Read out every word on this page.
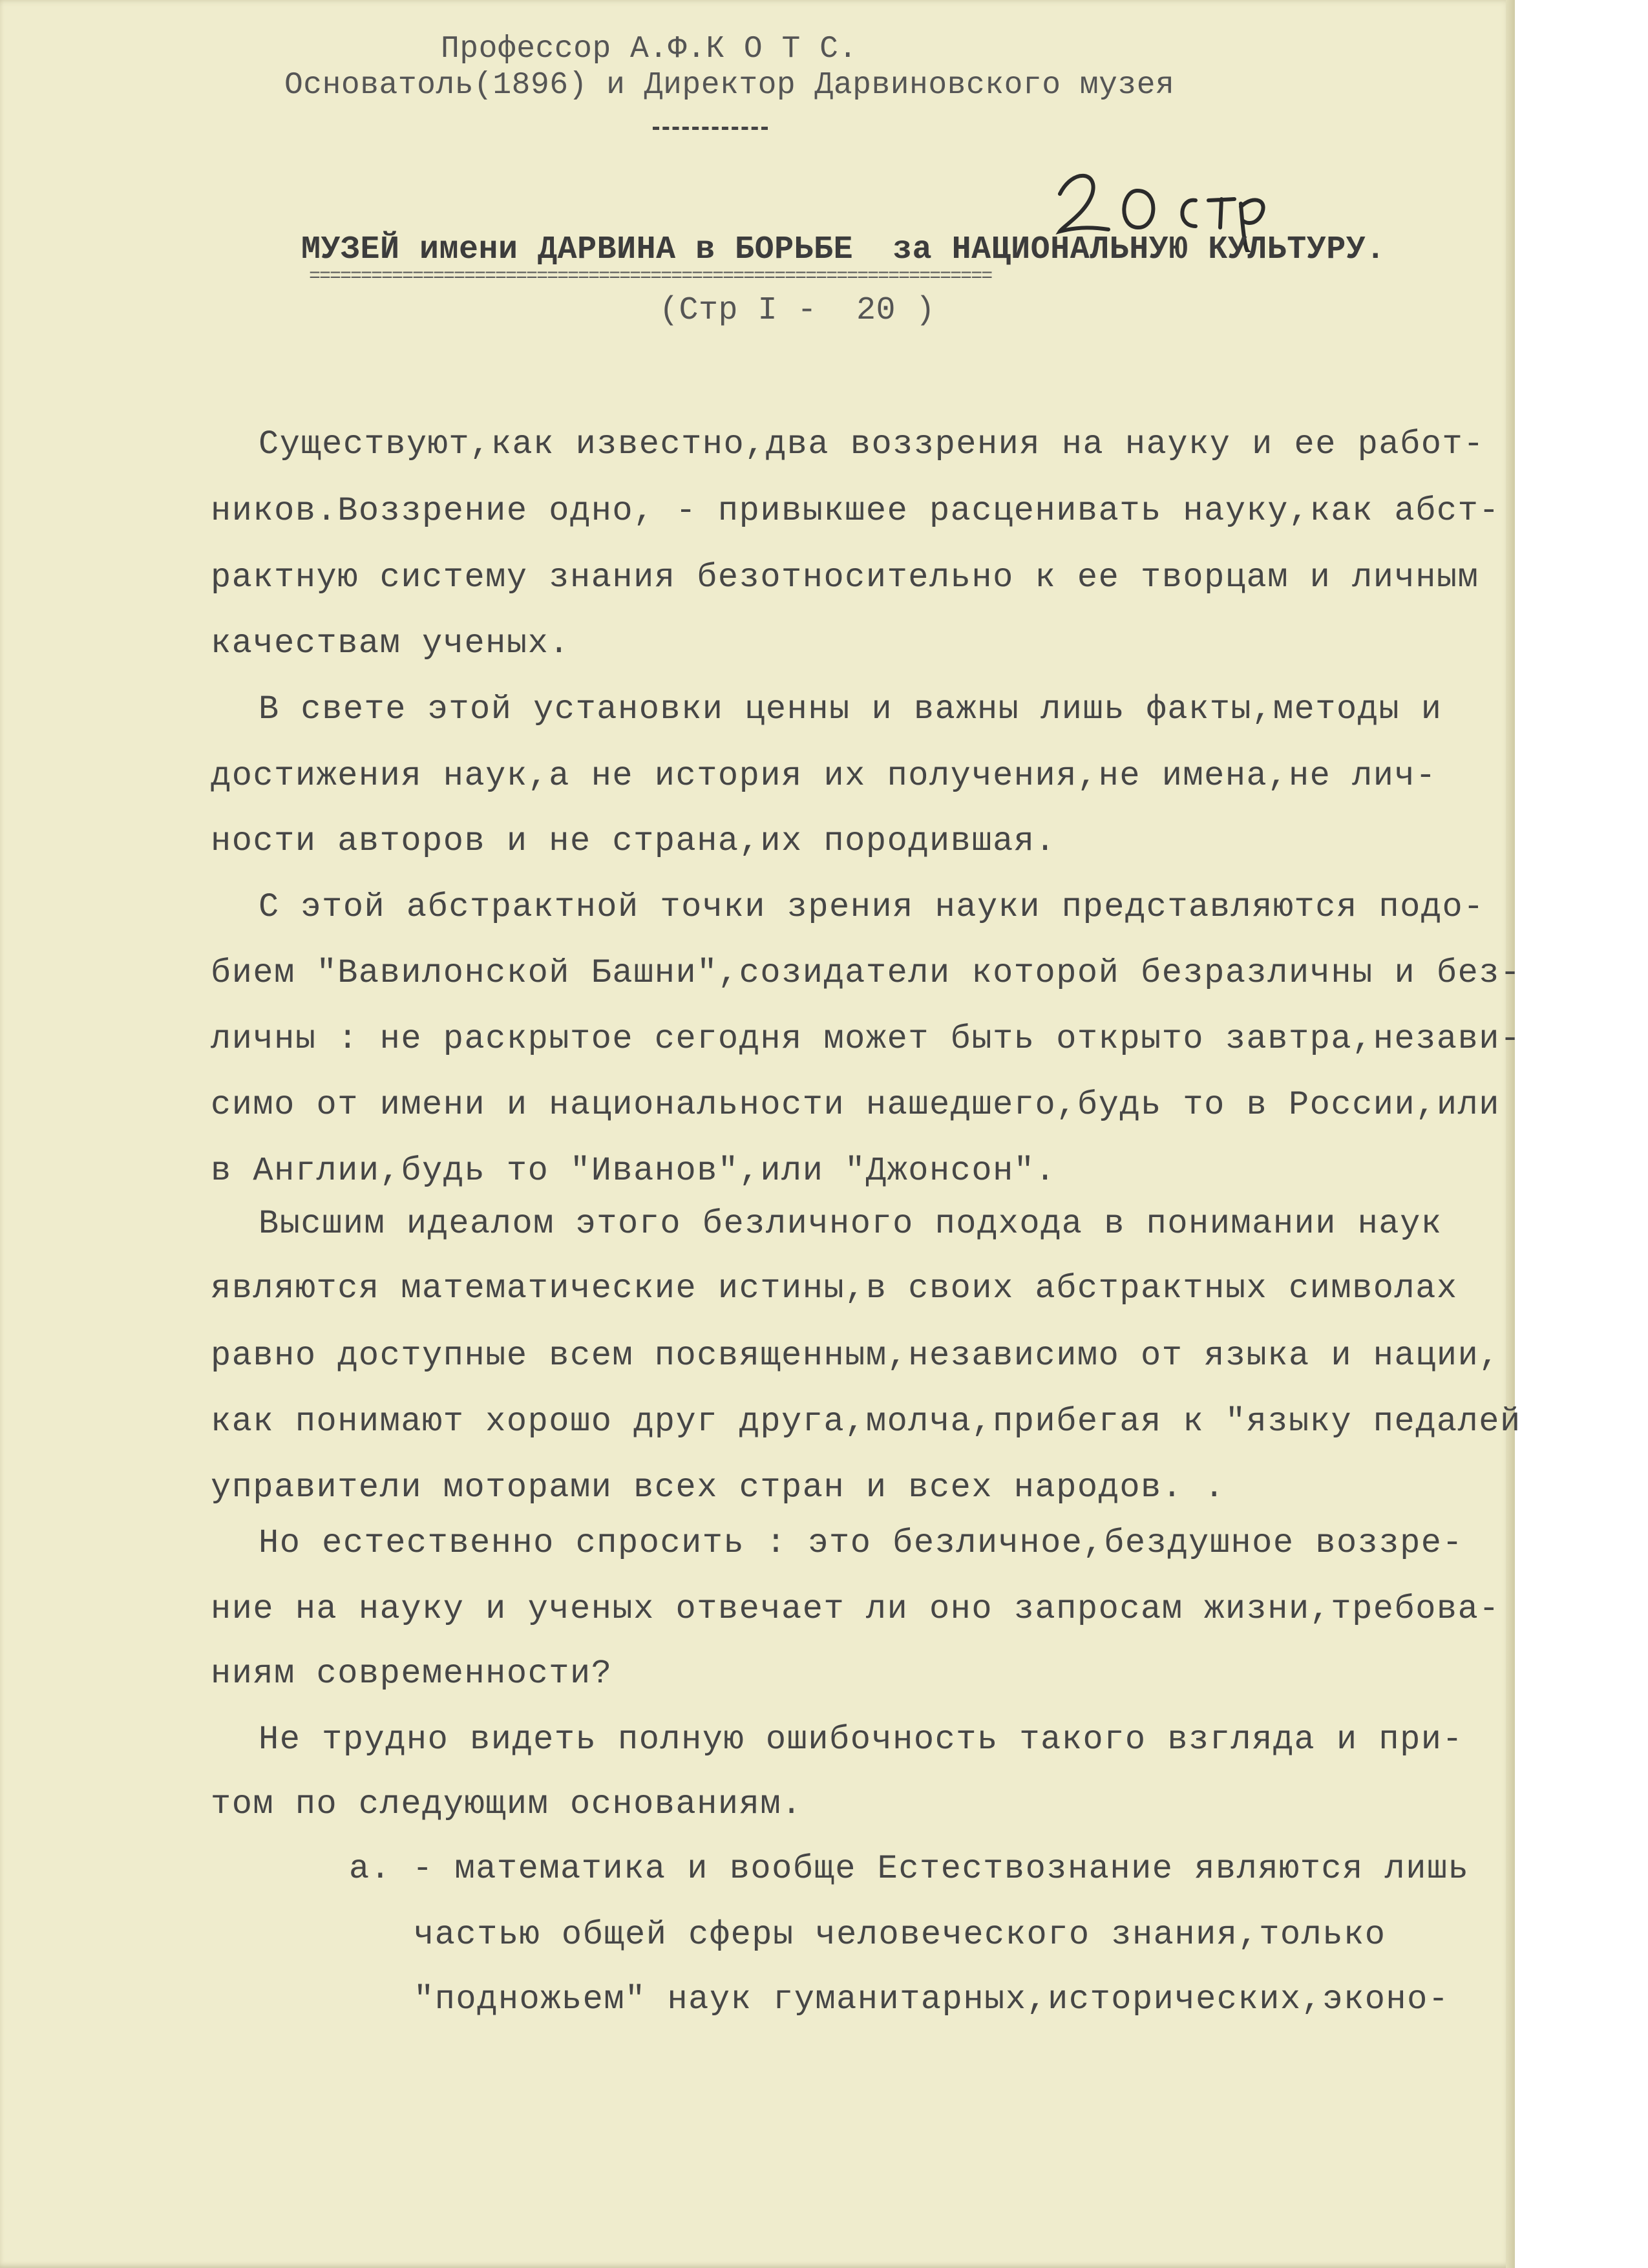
Профессор А.Ф.К О Т С.
Основатоль(1896) и Директор Дарвиновского музея
20стр
МУЗЕЙ имени ДАРВИНА в БОРЬБЕ  за НАЦИОНАЛЬНУЮ КУЛЬТУРУ.
==================================================================
(Стр I -  20 )
Существуют,как известно,два воззрения на науку и ее работ-
ников.Воззрение одно, - привыкшее расценивать науку,как абст-
рактную систему знания безотносительно к ее творцам и личным
качествам ученых.
В свете этой установки ценны и важны лишь факты,методы и
достижения наук,а не история их получения,не имена,не лич-
ности авторов и не страна,их породившая.
С этой абстрактной точки зрения науки представляются подо-
бием "Вавилонской Башни",созидатели которой безразличны и без-
личны : не раскрытое сегодня может быть открыто завтра,незави-
симо от имени и национальности нашедшего,будь то в России,или
в Англии,будь то "Иванов",или "Джонсон".
Высшим идеалом этого безличного подхода в понимании наук
являются математические истины,в своих абстрактных символах
равно доступные всем посвященным,независимо от языка и нации,
как понимают хорошо друг друга,молча,прибегая к "языку педалей
управители моторами всех стран и всех народов. .
Но естественно спросить : это безличное,бездушное воззре-
ние на науку и ученых отвечает ли оно запросам жизни,требова-
ниям современности?
Не трудно видеть полную ошибочность такого взгляда и при-
том по следующим основаниям.
а. - математика и вообще Естествознание являются лишь
частью общей сферы человеческого знания,только
"подножьем" наук гуманитарных,исторических,эконо-
